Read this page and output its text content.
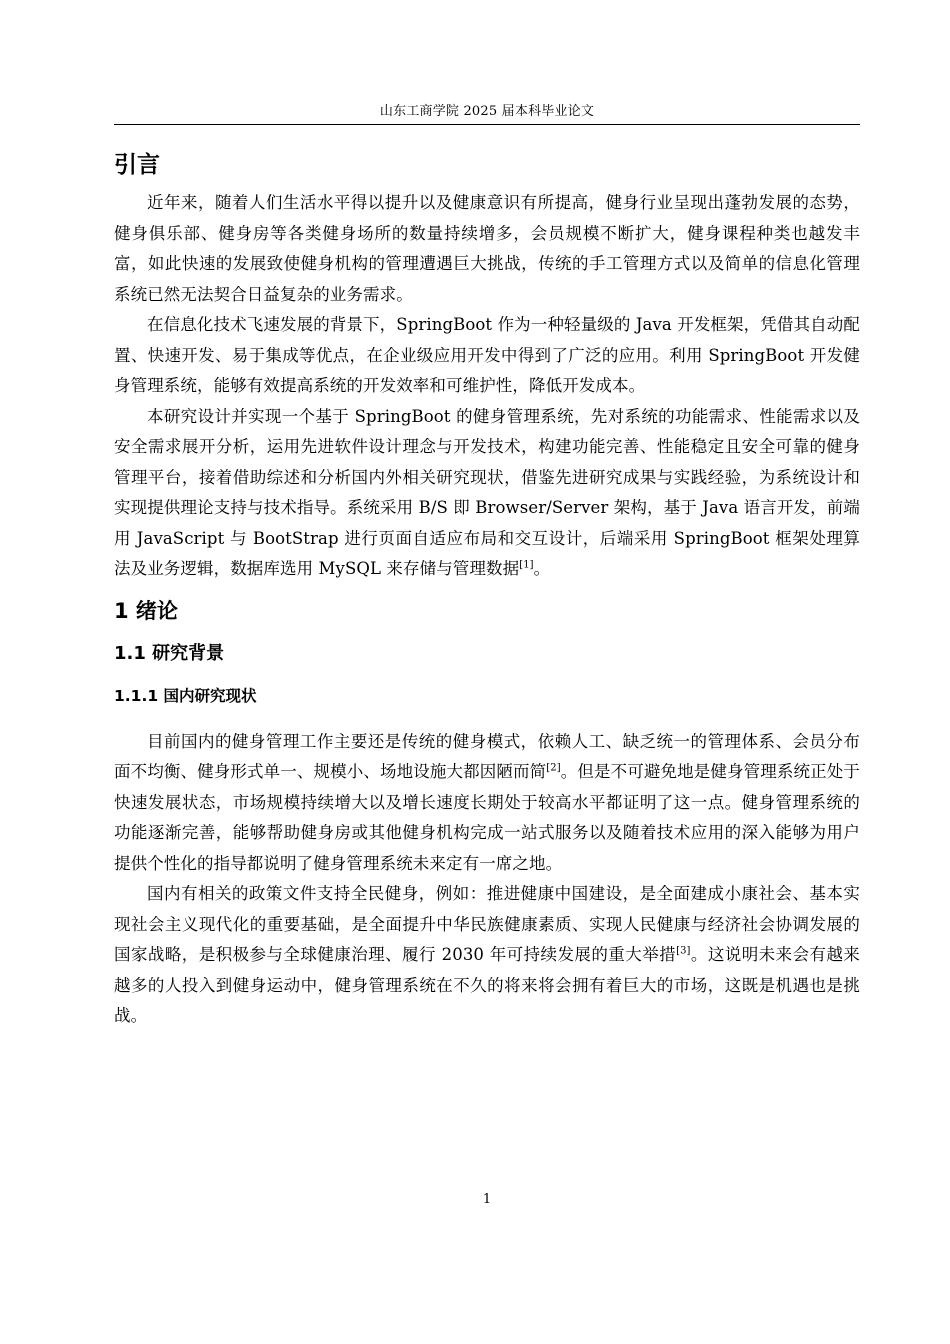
山东工商学院 2025 届本科毕业论文
引言

近年来，随着人们生活水平得以提升以及健康意识有所提高，健身行业呈现出蓬勃发展的态势，健身俱乐部、健身房等各类健身场所的数量持续增多，会员规模不断扩大，健身课程种类也越发丰富，如此快速的发展致使健身机构的管理遭遇巨大挑战，传统的手工管理方式以及简单的信息化管理系统已然无法契合日益复杂的业务需求。

在信息化技术飞速发展的背景下，SpringBoot 作为一种轻量级的 Java 开发框架，凭借其自动配置、快速开发、易于集成等优点，在企业级应用开发中得到了广泛的应用。利用 SpringBoot 开发健身管理系统，能够有效提高系统的开发效率和可维护性，降低开发成本。

本研究设计并实现一个基于 SpringBoot 的健身管理系统，先对系统的功能需求、性能需求以及安全需求展开分析，运用先进软件设计理念与开发技术，构建功能完善、性能稳定且安全可靠的健身管理平台，接着借助综述和分析国内外相关研究现状，借鉴先进研究成果与实践经验，为系统设计和实现提供理论支持与技术指导。系统采用 B/S 即 Browser/Server 架构，基于 Java 语言开发，前端用 JavaScript 与 BootStrap 进行页面自适应布局和交互设计，后端采用 SpringBoot 框架处理算法及业务逻辑，数据库选用 MySQL 来存储与管理数据[1]。

1 绪论
1.1 研究背景
1.1.1 国内研究现状

目前国内的健身管理工作主要还是传统的健身模式，依赖人工、缺乏统一的管理体系、会员分布面不均衡、健身形式单一、规模小、场地设施大都因陋而简[2]。但是不可避免地是健身管理系统正处于快速发展状态，市场规模持续增大以及增长速度长期处于较高水平都证明了这一点。健身管理系统的功能逐渐完善，能够帮助健身房或其他健身机构完成一站式服务以及随着技术应用的深入能够为用户提供个性化的指导都说明了健身管理系统未来定有一席之地。

国内有相关的政策文件支持全民健身，例如：推进健康中国建设，是全面建成小康社会、基本实现社会主义现代化的重要基础，是全面提升中华民族健康素质、实现人民健康与经济社会协调发展的国家战略，是积极参与全球健康治理、履行 2030 年可持续发展的重大举措[3]。这说明未来会有越来越多的人投入到健身运动中，健身管理系统在不久的将来将会拥有着巨大的市场，这既是机遇也是挑战。

1
